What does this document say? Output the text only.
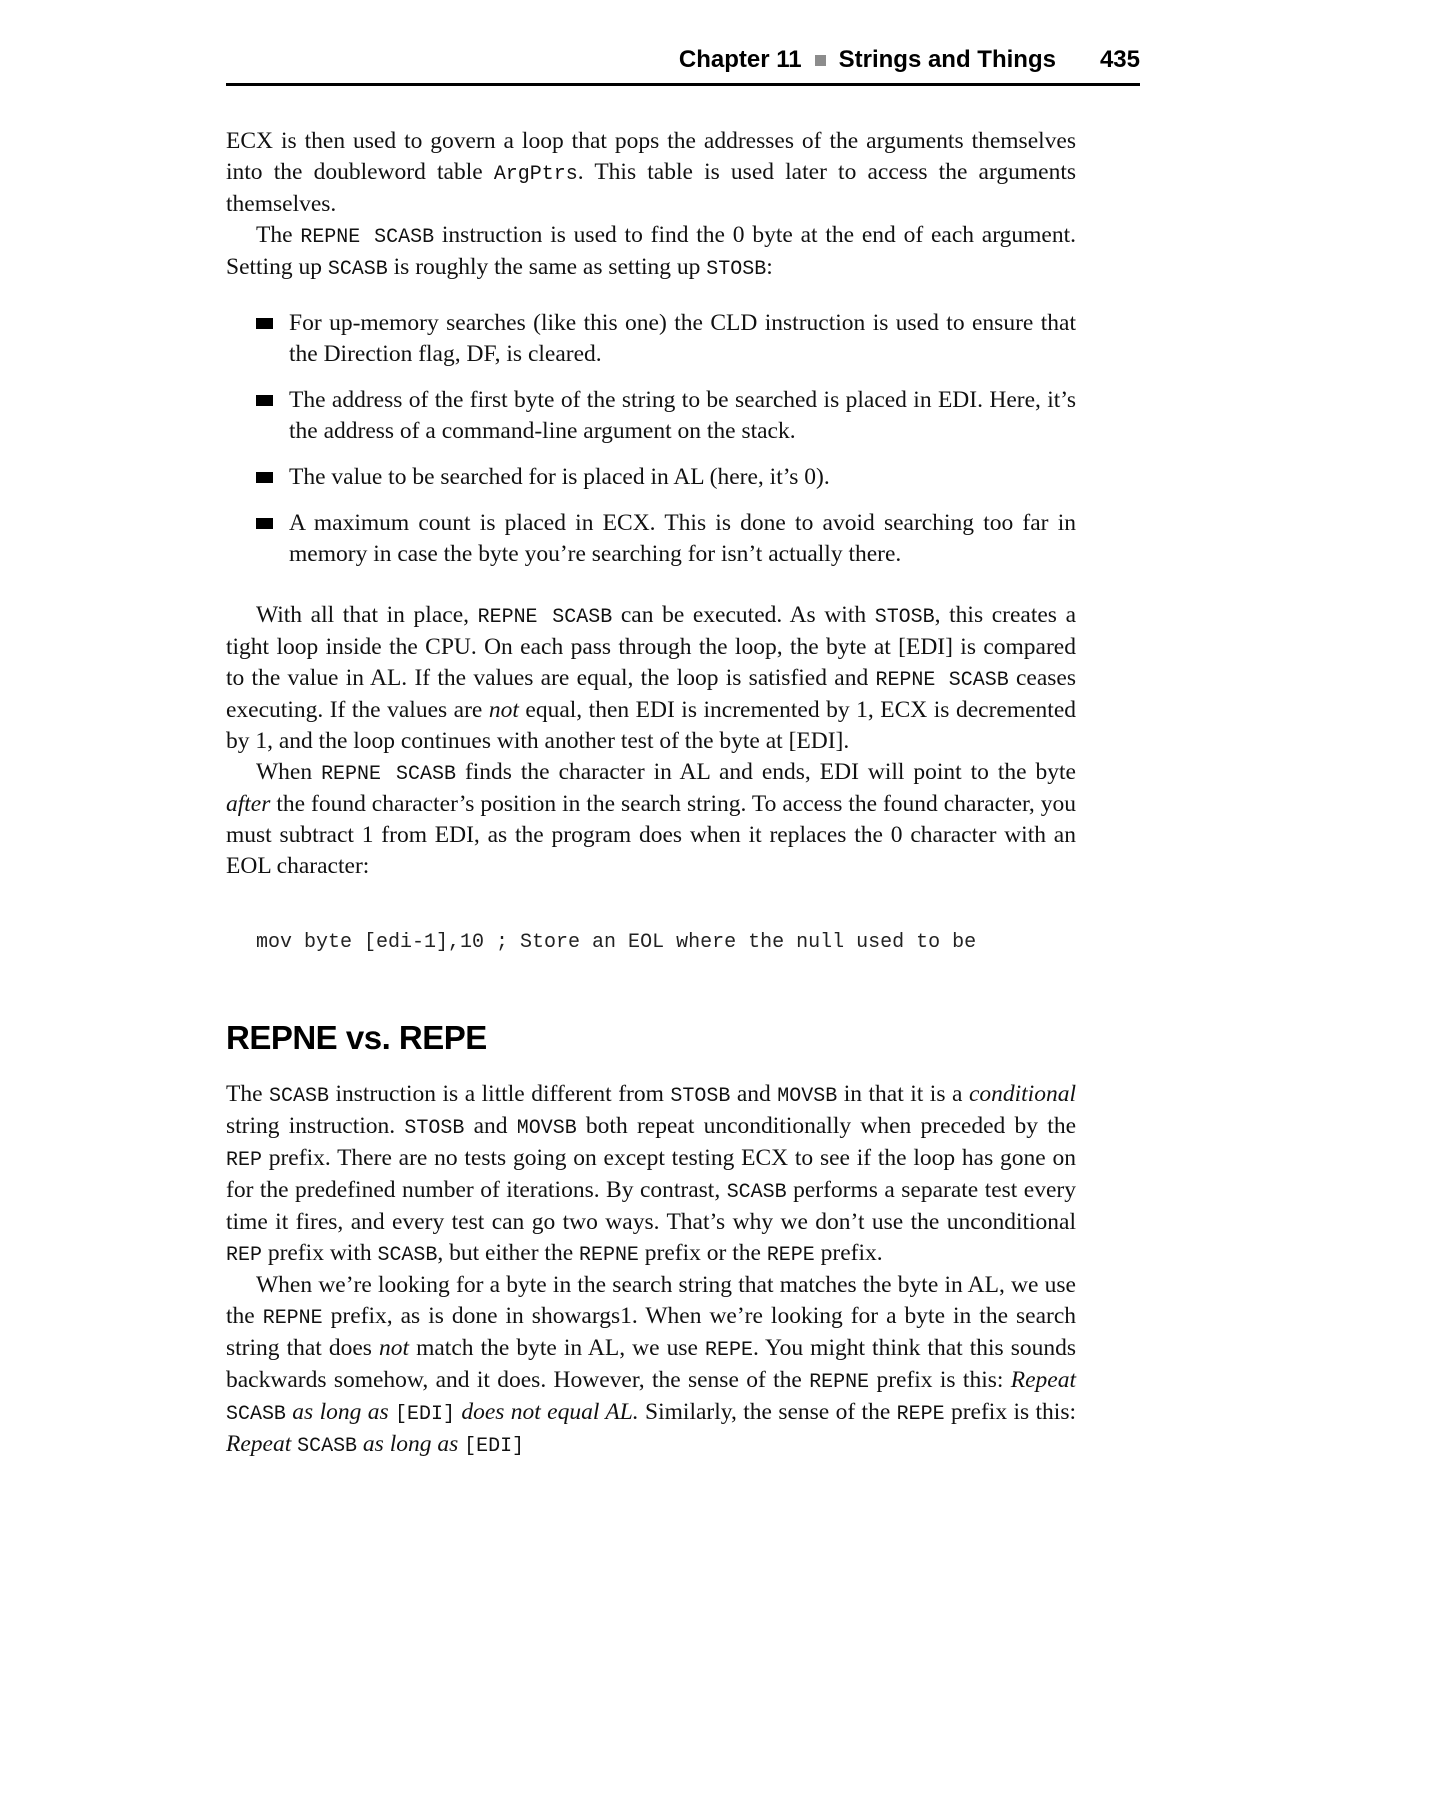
Chapter 11 Strings and Things 435

ECX is then used to govern a loop that pops the addresses of the arguments themselves into the doubleword table ArgPtrs. This table is used later to access the arguments themselves.

The REPNE SCASB instruction is used to find the 0 byte at the end of each argument. Setting up SCASB is roughly the same as setting up STOSB:

For up-memory searches (like this one) the CLD instruction is used to ensure that the Direction flag, DF, is cleared.
The address of the first byte of the string to be searched is placed in EDI. Here, it’s the address of a command-line argument on the stack.
The value to be searched for is placed in AL (here, it’s 0).
A maximum count is placed in ECX. This is done to avoid searching too far in memory in case the byte you’re searching for isn’t actually there.

With all that in place, REPNE SCASB can be executed. As with STOSB, this creates a tight loop inside the CPU. On each pass through the loop, the byte at [EDI] is compared to the value in AL. If the values are equal, the loop is satisfied and REPNE SCASB ceases executing. If the values are not equal, then EDI is incremented by 1, ECX is decremented by 1, and the loop continues with another test of the byte at [EDI].

When REPNE SCASB finds the character in AL and ends, EDI will point to the byte after the found character’s position in the search string. To access the found character, you must subtract 1 from EDI, as the program does when it replaces the 0 character with an EOL character:

mov byte [edi-1],10 ; Store an EOL where the null used to be
REPNE vs. REPE

The SCASB instruction is a little different from STOSB and MOVSB in that it is a conditional string instruction. STOSB and MOVSB both repeat unconditionally when preceded by the REP prefix. There are no tests going on except testing ECX to see if the loop has gone on for the predefined number of iterations. By contrast, SCASB performs a separate test every time it fires, and every test can go two ways. That’s why we don’t use the unconditional REP prefix with SCASB, but either the REPNE prefix or the REPE prefix.

When we’re looking for a byte in the search string that matches the byte in AL, we use the REPNE prefix, as is done in showargs1. When we’re looking for a byte in the search string that does not match the byte in AL, we use REPE. You might think that this sounds backwards somehow, and it does. However, the sense of the REPNE prefix is this: Repeat SCASB as long as [EDI] does not equal AL. Similarly, the sense of the REPE prefix is this: Repeat SCASB as long as [EDI]
